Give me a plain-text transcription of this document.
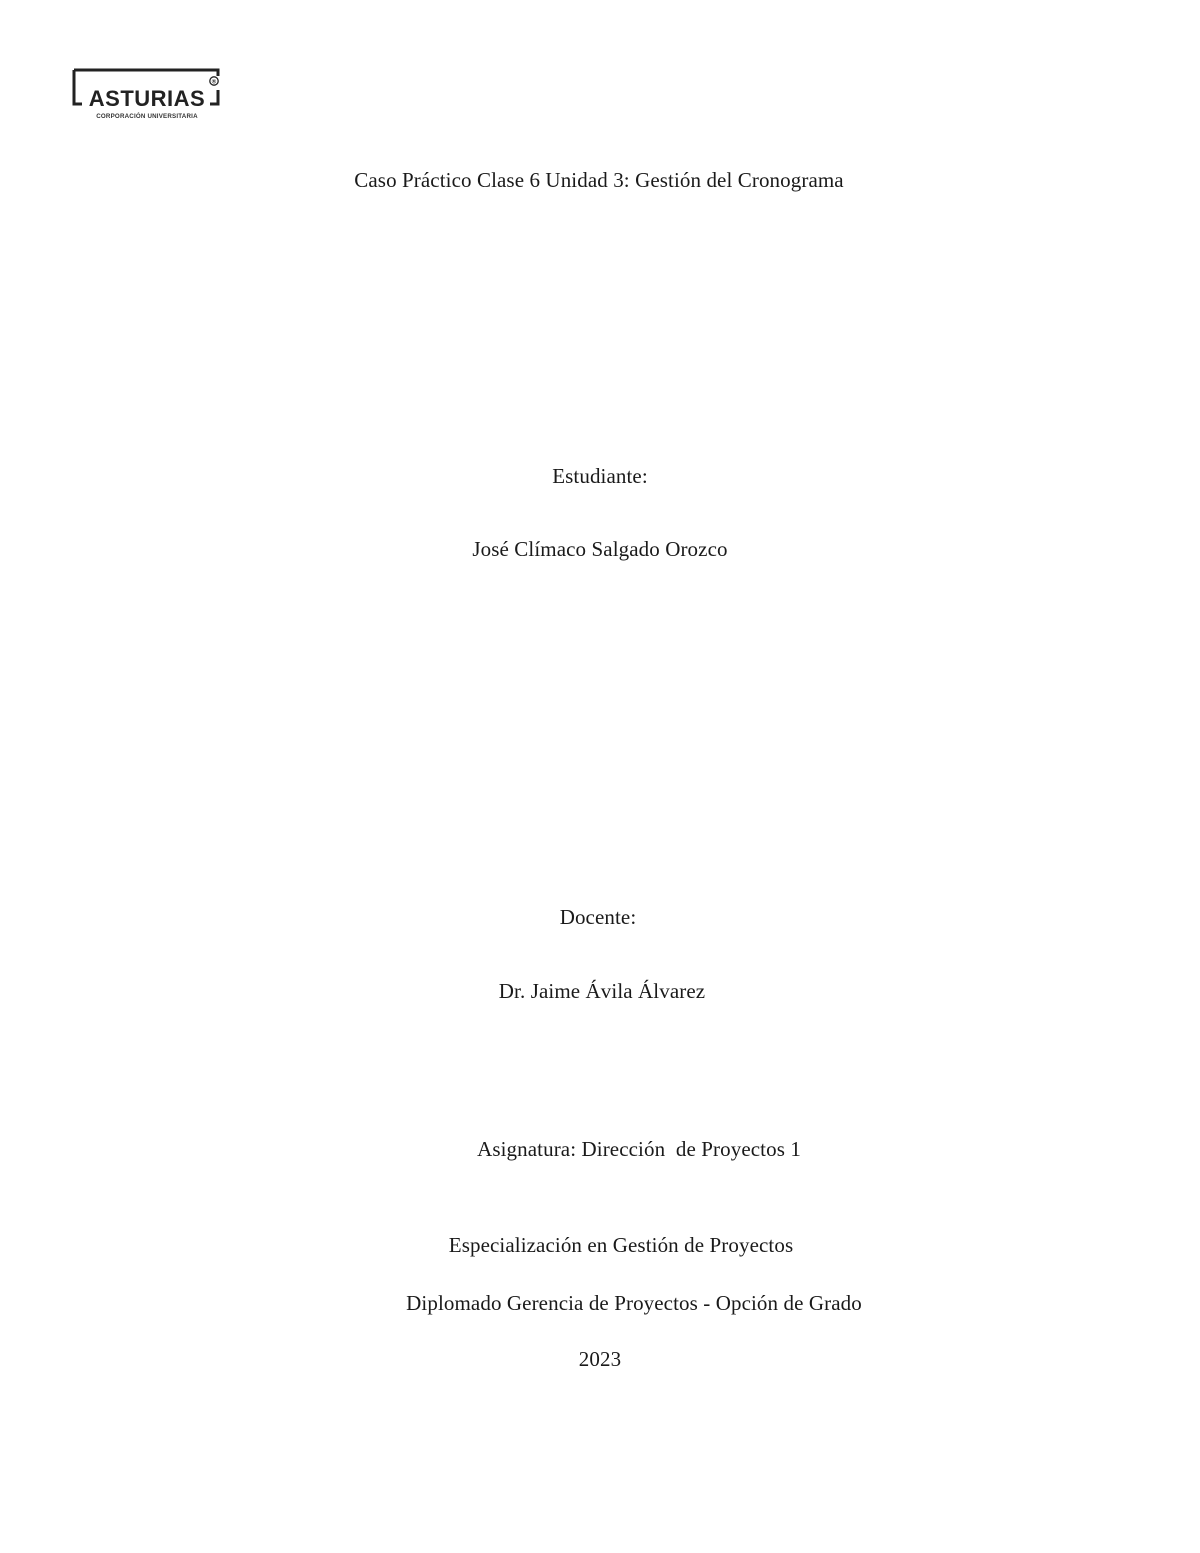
®
ASTURIAS
CORPORACIÓN UNIVERSITARIA
Caso Práctico Clase 6 Unidad 3: Gestión del Cronograma
Estudiante:
José Clímaco Salgado Orozco
Docente:
Dr. Jaime Ávila Álvarez
Asignatura: Dirección  de Proyectos 1
Especialización en Gestión de Proyectos
Diplomado Gerencia de Proyectos - Opción de Grado
2023
